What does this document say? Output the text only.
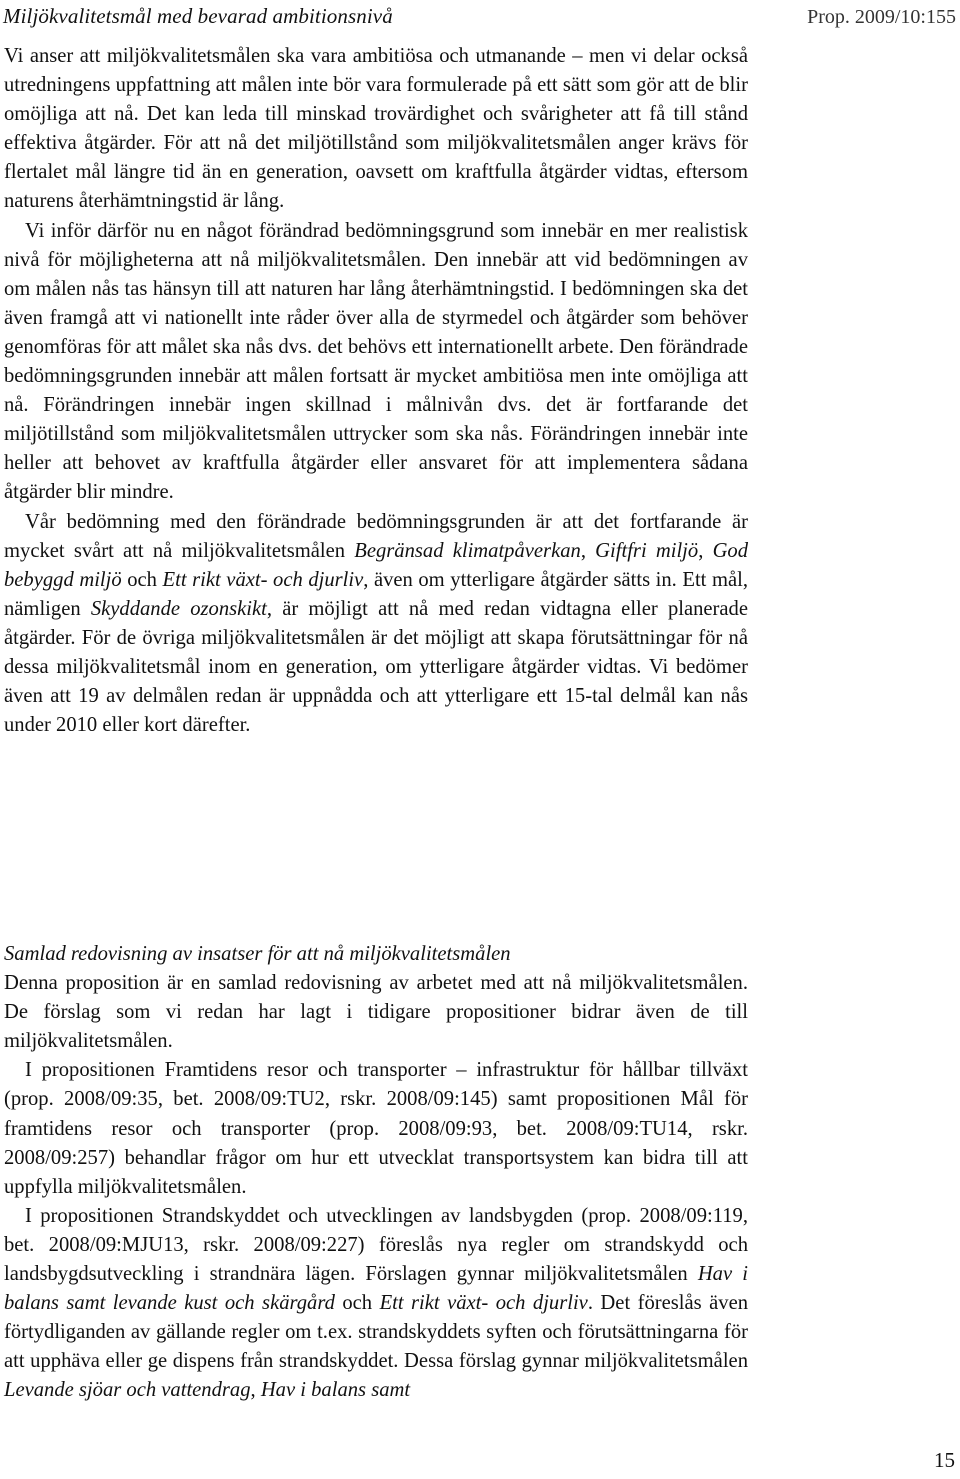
Miljökvalitetsmål med bevarad ambitionsnivå	Prop. 2009/10:155

Vi anser att miljökvalitetsmålen ska vara ambitiösa och utmanande – men vi delar också utredningens uppfattning att målen inte bör vara formulerade på ett sätt som gör att de blir omöjliga att nå. Det kan leda till minskad trovärdighet och svårigheter att få till stånd effektiva åtgärder. För att nå det miljötillstånd som miljökvalitetsmålen anger krävs för flertalet mål längre tid än en generation, oavsett om kraftfulla åtgärder vidtas, eftersom naturens återhämtningstid är lång.

Vi inför därför nu en något förändrad bedömningsgrund som innebär en mer realistisk nivå för möjligheterna att nå miljökvalitetsmålen. Den innebär att vid bedömningen av om målen nås tas hänsyn till att naturen har lång återhämtningstid. I bedömningen ska det även framgå att vi nationellt inte råder över alla de styrmedel och åtgärder som behöver genomföras för att målet ska nås dvs. det behövs ett internationellt arbete. Den förändrade bedömningsgrunden innebär att målen fortsatt är mycket ambitiösa men inte omöjliga att nå. Förändringen innebär ingen skillnad i målnivån dvs. det är fortfarande det miljötillstånd som miljökvalitetsmålen uttrycker som ska nås. Förändringen innebär inte heller att behovet av kraftfulla åtgärder eller ansvaret för att implementera sådana åtgärder blir mindre.

Vår bedömning med den förändrade bedömningsgrunden är att det fortfarande är mycket svårt att nå miljökvalitetsmålen Begränsad klimatpåverkan, Giftfri miljö, God bebyggd miljö och Ett rikt växt- och djurliv, även om ytterligare åtgärder sätts in. Ett mål, nämligen Skyddande ozonskikt, är möjligt att nå med redan vidtagna eller planerade åtgärder. För de övriga miljökvalitetsmålen är det möjligt att skapa förutsättningar för nå dessa miljökvalitetsmål inom en generation, om ytterligare åtgärder vidtas. Vi bedömer även att 19 av delmålen redan är uppnådda och att ytterligare ett 15-tal delmål kan nås under 2010 eller kort därefter.

Samlad redovisning av insatser för att nå miljökvalitetsmålen

Denna proposition är en samlad redovisning av arbetet med att nå miljökvalitetsmålen. De förslag som vi redan har lagt i tidigare propositioner bidrar även de till miljökvalitetsmålen.

I propositionen Framtidens resor och transporter – infrastruktur för hållbar tillväxt (prop. 2008/09:35, bet. 2008/09:TU2, rskr. 2008/09:145) samt propositionen Mål för framtidens resor och transporter (prop. 2008/09:93, bet. 2008/09:TU14, rskr. 2008/09:257) behandlar frågor om hur ett utvecklat transportsystem kan bidra till att uppfylla miljökvalitetsmålen.

I propositionen Strandskyddet och utvecklingen av landsbygden (prop. 2008/09:119, bet. 2008/09:MJU13, rskr. 2008/09:227) föreslås nya regler om strandskydd och landsbygdsutveckling i strandnära lägen. Förslagen gynnar miljökvalitetsmålen Hav i balans samt levande kust och skärgård och Ett rikt växt- och djurliv. Det föreslås även förtydliganden av gällande regler om t.ex. strandskyddets syften och förutsättningarna för att upphäva eller ge dispens från strandskyddet. Dessa förslag gynnar miljökvalitetsmålen Levande sjöar och vattendrag, Hav i balans samt

15
